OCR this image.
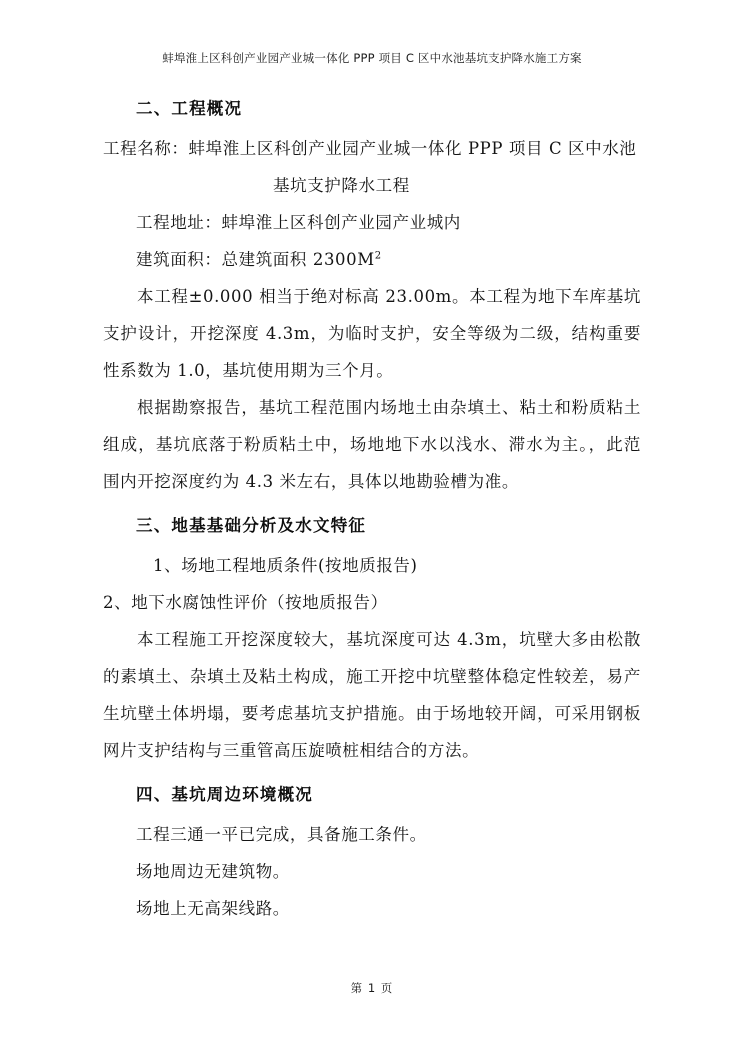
蚌埠淮上区科创产业园产业城一体化 PPP 项目 C 区中水池基坑支护降水施工方案
二、工程概况

工程名称：蚌埠淮上区科创产业园产业城一体化 PPP 项目 C 区中水池

基坑支护降水工程

工程地址：蚌埠淮上区科创产业园产业城内

建筑面积：总建筑面积 $2300M^2$

本工程±0.000 相当于绝对标高 23.00m。本工程为地下车库基坑支护设计，开挖深度 4.3m，为临时支护，安全等级为二级，结构重要性系数为 1.0，基坑使用期为三个月。

根据勘察报告，基坑工程范围内场地土由杂填土、粘土和粉质粘土组成，基坑底落于粉质粘土中，场地地下水以浅水、滞水为主。，此范围内开挖深度约为 4.3 米左右，具体以地勘验槽为准。

三、地基基础分析及水文特征

1、场地工程地质条件(按地质报告)

2、地下水腐蚀性评价（按地质报告）

本工程施工开挖深度较大，基坑深度可达 4.3m，坑壁大多由松散的素填土、杂填土及粘土构成，施工开挖中坑壁整体稳定性较差，易产生坑壁土体坍塌，要考虑基坑支护措施。由于场地较开阔，可采用钢板网片支护结构与三重管高压旋喷桩相结合的方法。

四、基坑周边环境概况

工程三通一平已完成，具备施工条件。

场地周边无建筑物。

场地上无高架线路。

第 1 页
